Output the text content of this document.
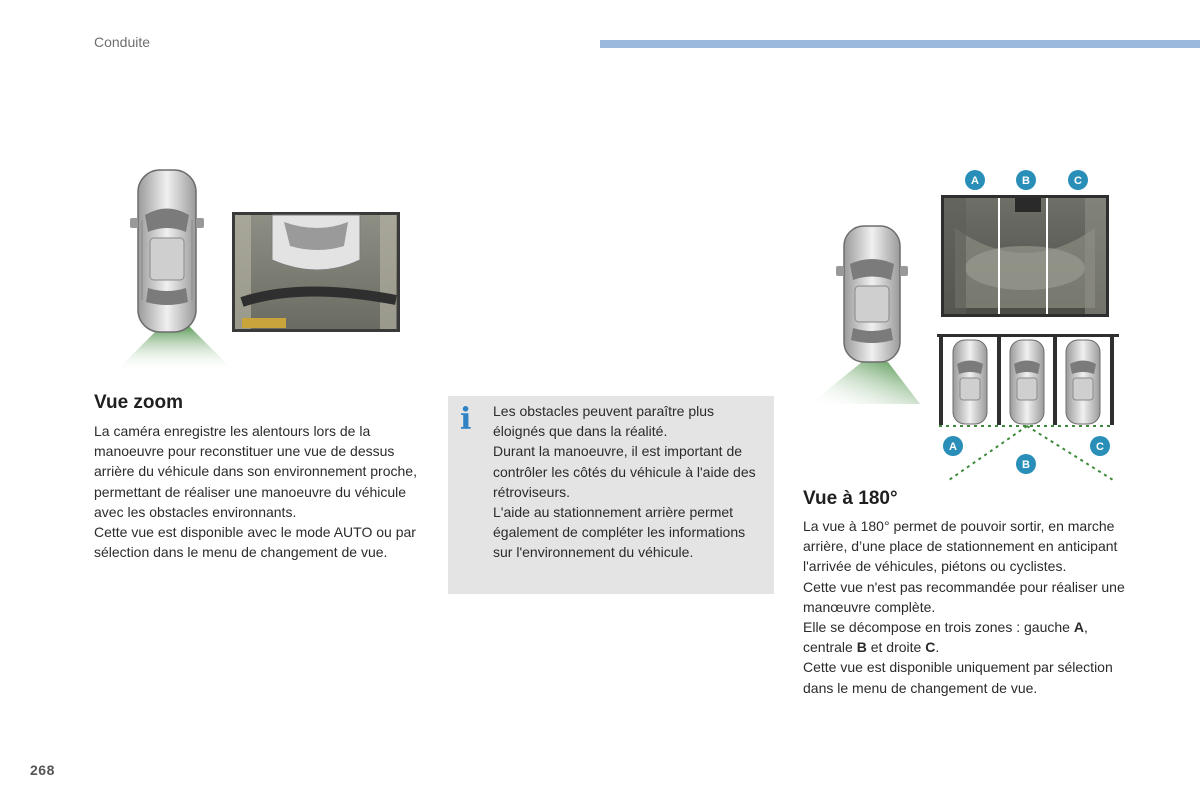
Conduite
Vue zoom

La caméra enregistre les alentours lors de la manoeuvre pour reconstituer une vue de dessus arrière du véhicule dans son environnement proche, permettant de réaliser une manoeuvre du véhicule avec les obstacles environnants.

Cette vue est disponible avec le mode AUTO ou par sélection dans le menu de changement de vue.

i Les obstacles peuvent paraître plus éloignés que dans la réalité.

Durant la manoeuvre, il est important de contrôler les côtés du véhicule à l'aide des rétroviseurs.

L'aide au stationnement arrière permet également de compléter les informations sur l'environnement du véhicule.

A	B	C
A
B
C
Vue à 180°

La vue à 180° permet de pouvoir sortir, en marche arrière, d’une place de stationnement en anticipant l'arrivée de véhicules, piétons ou cyclistes.

Cette vue n'est pas recommandée pour réaliser une manœuvre complète.

Elle se décompose en trois zones : gauche A, centrale B et droite C.

Cette vue est disponible uniquement par sélection dans le menu de changement de vue.

268
